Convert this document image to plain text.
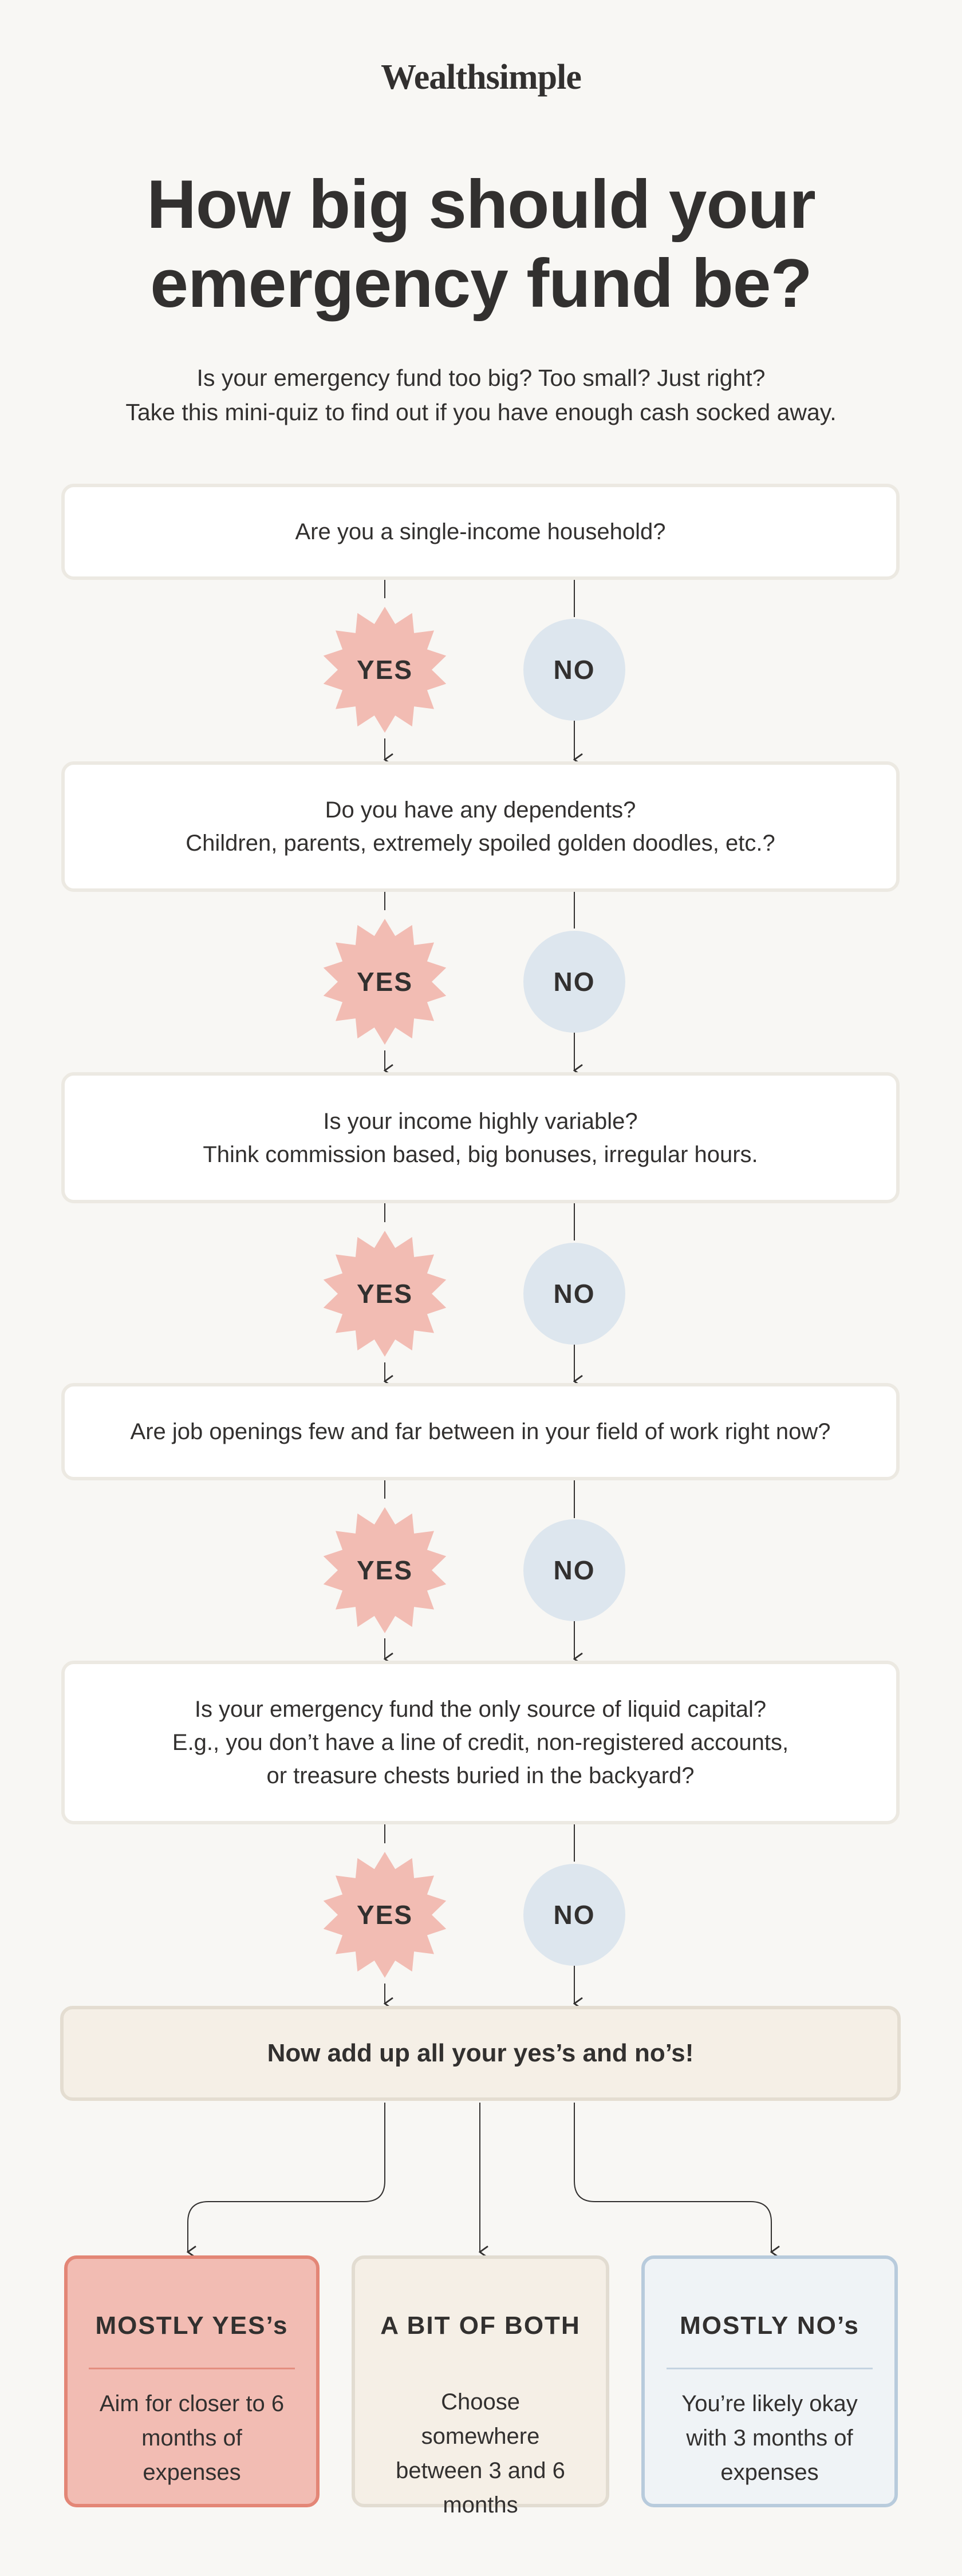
Wealthsimple
How big should your
emergency fund be?
Is your emergency fund too big? Too small? Just right?
Take this mini-quiz to find out if you have enough cash socked away.
Are you a single-income household?
Do you have any dependents?
Children, parents, extremely spoiled golden doodles, etc.?
Is your income highly variable?
Think commission based, big bonuses, irregular hours.
Are job openings few and far between in your field of work right now?
Is your emergency fund the only source of liquid capital?
E.g., you don’t have a line of credit, non-registered accounts,
or treasure chests buried in the backyard?
YES	NO
YES	NO
YES	NO
YES	NO
YES	NO
Now add up all your yes’s and no’s!
MOSTLY YES’s
Aim for closer to 6 months of expenses
A BIT OF BOTH
Choose somewhere between 3 and 6 months
MOSTLY NO’s
You’re likely okay with 3 months of expenses
